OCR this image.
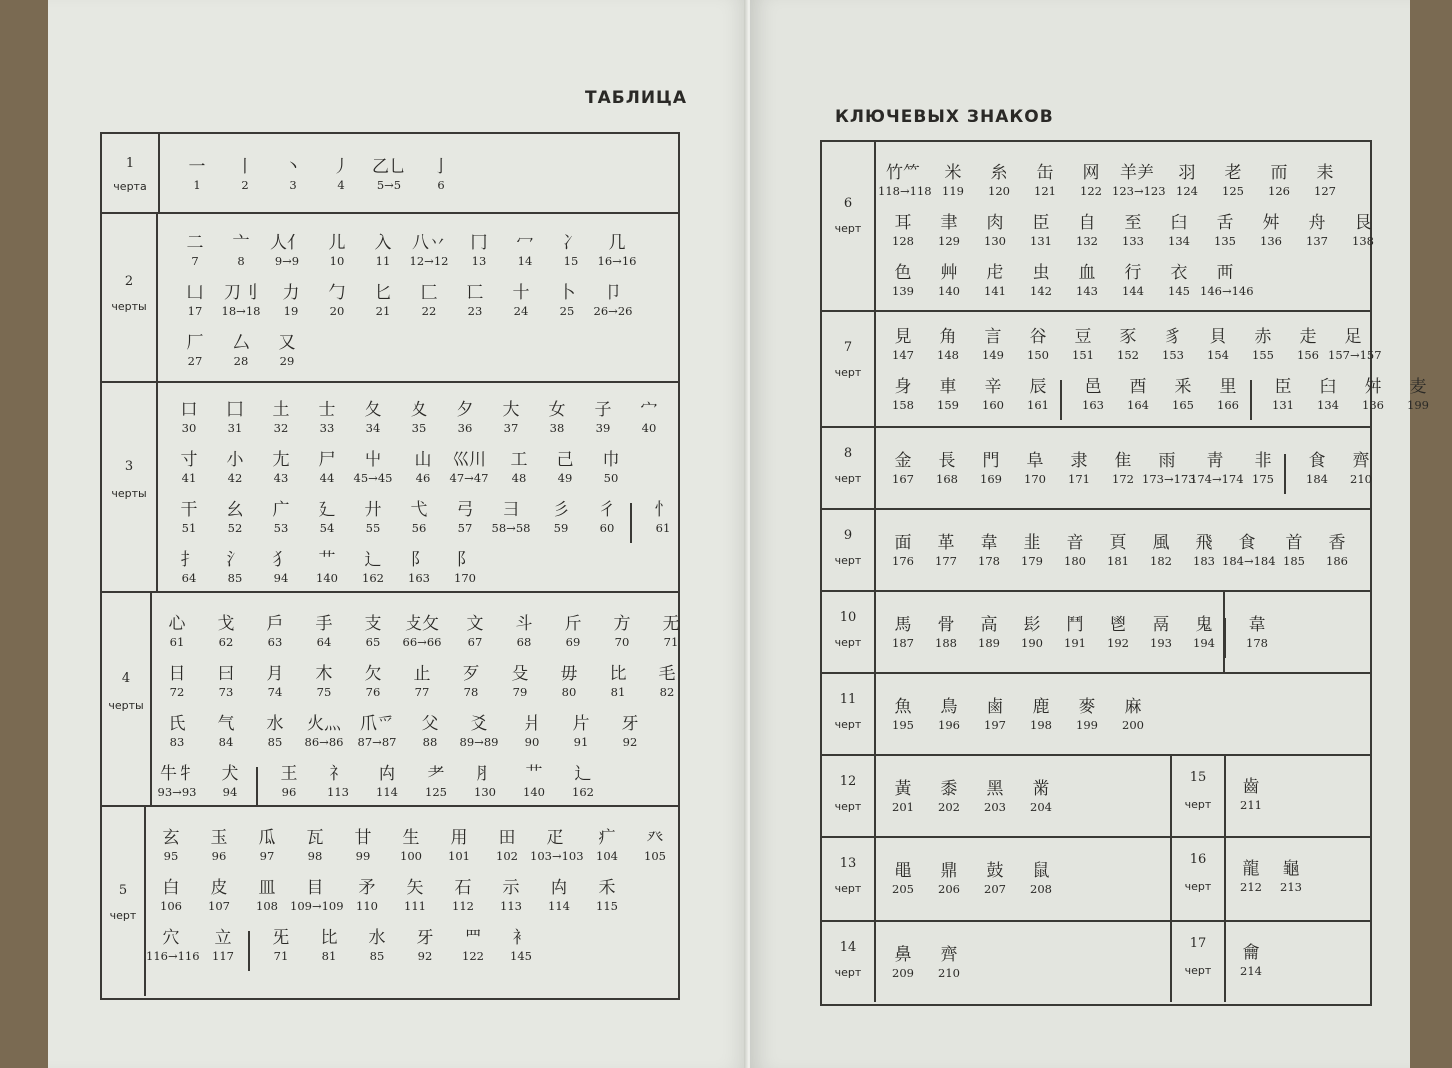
ТАБЛИЦА
КЛЮЧЕВЫХ ЗНАКОВ
1
черта
一
1
丨
2
丶
3
丿
4
乙乚
5→5
亅
6
2
черты
二
7
亠
8
人亻
9→9
儿
10
入
11
八丷
12→12
冂
13
冖
14
冫
15
几
16→16
凵
17
刀刂
18→18
力
19
勹
20
匕
21
匚
22
匸
23
十
24
卜
25
卩
26→26
厂
27
厶
28
又
29
3
черты
口
30
囗
31
土
32
士
33
夂
34
夊
35
夕
36
大
37
女
38
子
39
宀
40
寸
41
小
42
尢
43
尸
44
屮
45→45
山
46
巛川
47→47
工
48
己
49
巾
50
干
51
幺
52
广
53
廴
54
廾
55
弋
56
弓
57
彐
58→58
彡
59
彳
60
忄
61
扌
64
氵
85
犭
94
艹
140
辶
162
阝
163
阝
170
4
черты
心
61
戈
62
戶
63
手
64
支
65
攴攵
66→66
文
67
斗
68
斤
69
方
70
无
71
日
72
曰
73
月
74
木
75
欠
76
止
77
歹
78
殳
79
毋
80
比
81
毛
82
氏
83
气
84
水
85
火灬
86→86
爪爫
87→87
父
88
爻
89→89
爿
90
片
91
牙
92
牛牜
93→93
犬
94
王
96
礻
113
禸
114
耂
125
⺼
130
艹
140
辶
162
5
черт
玄
95
玉
96
瓜
97
瓦
98
甘
99
生
100
用
101
田
102
疋
103→103
疒
104
癶
105
白
106
皮
107
皿
108
目
109→109
矛
110
矢
111
石
112
示
113
禸
114
禾
115
穴
116→116
立
117
旡
71
比
81
水
85
牙
92
罒
122
衤
145
6
черт
竹⺮
118→118
米
119
糸
120
缶
121
网
122
羊⺶
123→123
羽
124
老
125
而
126
耒
127
耳
128
聿
129
肉
130
臣
131
自
132
至
133
臼
134
舌
135
舛
136
舟
137
艮
138
色
139
艸
140
虍
141
虫
142
血
143
行
144
衣
145
襾
146→146
7
черт
見
147
角
148
言
149
谷
150
豆
151
豕
152
豸
153
貝
154
赤
155
走
156
足
157→157
身
158
車
159
辛
160
辰
161
邑
163
酉
164
釆
165
里
166
臣
131
臼
134
舛
136
麦
199
8
черт
金
167
長
168
門
169
阜
170
隶
171
隹
172
雨
173→173
靑
174→174
非
175
食
184
齊
210
9
черт
面
176
革
177
韋
178
韭
179
音
180
頁
181
風
182
飛
183
食
184→184
首
185
香
186
10
черт
馬
187
骨
188
高
189
髟
190
鬥
191
鬯
192
鬲
193
鬼
194
韋
178
11
черт
魚
195
鳥
196
鹵
197
鹿
198
麥
199
麻
200
12
черт
黃
201
黍
202
黑
203
黹
204
15
черт
齒
211
13
черт
黽
205
鼎
206
鼓
207
鼠
208
16
черт
龍
212
龜
213
14
черт
鼻
209
齊
210
17
черт
龠
214
